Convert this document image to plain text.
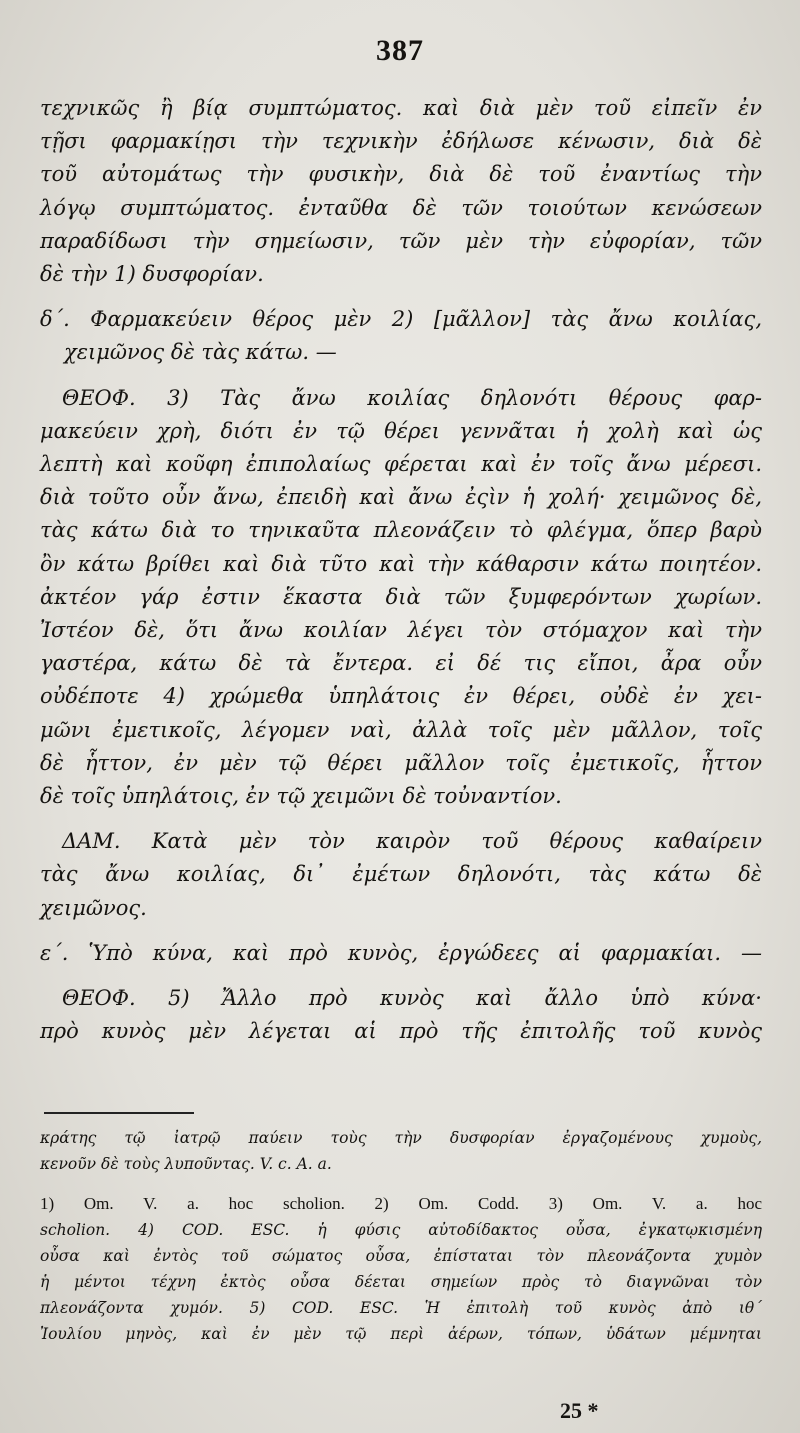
387
τεχνικῶς ἢ βίᾳ συμπτώματος. καὶ διὰ μὲν τοῦ εἰπεῖν ἐν
τῇσι φαρμακίῃσι τὴν τεχνικὴν ἐδήλωσε κένωσιν, διὰ δὲ
τοῦ αὐτομάτως τὴν φυσικὴν, διὰ δὲ τοῦ ἐναντίως τὴν
λόγῳ συμπτώματος. ἐνταῦθα δὲ τῶν τοιούτων κενώσεων
παραδίδωσι τὴν σημείωσιν, τῶν μὲν τὴν εὐφορίαν, τῶν
δὲ τὴν 1) δυσφορίαν.
δ΄. Φαρμακεύειν θέρος μὲν 2) [μᾶλλον] τὰς ἄνω κοιλίας,
χειμῶνος δὲ τὰς κάτω. —
ΘΕΟΦ. 3) Τὰς ἄνω κοιλίας δηλονότι θέρους φαρ-
μακεύειν χρὴ, διότι ἐν τῷ θέρει γεννᾶται ἡ χολὴ καὶ ὡς
λεπτὴ καὶ κοῦφη ἐπιπολαίως φέρεται καὶ ἐν τοῖς ἄνω μέρεσι.
διὰ τοῦτο οὖν ἄνω, ἐπειδὴ καὶ ἄνω ἐςὶν ἡ χολή· χειμῶνος δὲ,
τὰς κάτω διὰ το τηνικαῦτα πλεονάζειν τὸ φλέγμα, ὅπερ βαρὺ
ὂν κάτω βρίθει καὶ διὰ τῦτο καὶ τὴν κάθαρσιν κάτω ποιητέον.
ἀκτέον γάρ ἐστιν ἕκαστα διὰ τῶν ξυμφερόντων χωρίων.
Ἰστέον δὲ, ὅτι ἄνω κοιλίαν λέγει τὸν στόμαχον καὶ τὴν
γαστέρα, κάτω δὲ τὰ ἔντερα. εἰ δέ τις εἴποι, ἆρα οὖν
οὐδέποτε 4) χρώμεθα ὑπηλάτοις ἐν θέρει, οὐδὲ ἐν χει-
μῶνι ἐμετικοῖς, λέγομεν ναὶ, ἀλλὰ τοῖς μὲν μᾶλλον, τοῖς
δὲ ἧττον, ἐν μὲν τῷ θέρει μᾶλλον τοῖς ἐμετικοῖς, ἧττον
δὲ τοῖς ὑπηλάτοις, ἐν τῷ χειμῶνι δὲ τοὐναντίον.
ΔΑΜ. Κατὰ μὲν τὸν καιρὸν τοῦ θέρους καθαίρειν
τὰς ἄνω κοιλίας, δι᾽ ἐμέτων δηλονότι, τὰς κάτω δὲ
χειμῶνος.
ε΄. Ὑπὸ κύνα, καὶ πρὸ κυνὸς, ἐργώδεες αἱ φαρμακίαι. —
ΘΕΟΦ. 5) Ἄλλο πρὸ κυνὸς καὶ ἄλλο ὑπὸ κύνα·
πρὸ κυνὸς μὲν λέγεται αἱ πρὸ τῆς ἐπιτολῆς τοῦ κυνὸς
κράτης τῷ ἰατρῷ παύειν τοὺς τὴν δυσφορίαν ἐργαζομένους χυμοὺς,
κενοῦν δὲ τοὺς λυποῦντας. V. c. A. a.
1) Om. V. a. hoc scholion. 2) Om. Codd. 3) Om. V. a. hoc
scholion. 4) COD. ESC. ἡ φύσις αὐτοδίδακτος οὖσα, ἐγκατῳκισμένη
οὖσα καὶ ἐντὸς τοῦ σώματος οὖσα, ἐπίσταται τὸν πλεονάζοντα χυμὸν
ἡ μέντοι τέχνη ἐκτὸς οὖσα δέεται σημείων πρὸς τὸ διαγνῶναι τὸν
πλεονάζοντα χυμόν. 5) COD. ESC. Ἡ ἐπιτολὴ τοῦ κυνὸς ἀπὸ ιθ΄
Ἰουλίου μηνὸς, καὶ ἐν μὲν τῷ περὶ ἀέρων, τόπων, ὑδάτων μέμνηται
25 *
